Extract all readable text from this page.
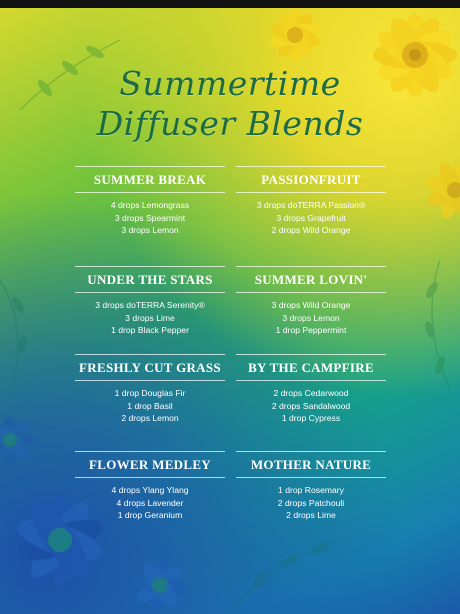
Summertime
Diffuser Blends
SUMMER BREAK
4 drops Lemongrass
3 drops Spearmint
3 drops Lemon
PASSIONFRUIT
3 drops doTERRA Passion®
3 drops Grapefruit
2 drops Wild Orange
UNDER THE STARS
3 drops doTERRA Serenity®
3 drops Lime
1 drop Black Pepper
SUMMER LOVIN'
3 drops Wild Orange
3 drops Lemon
1 drop Peppermint
FRESHLY CUT GRASS
1 drop Douglas Fir
1 drop Basil
2 drops Lemon
BY THE CAMPFIRE
2 drops Cedarwood
2 drops Sandalwood
1 drop Cypress
FLOWER MEDLEY
4 drops Ylang Ylang
4 drops Lavender
1 drop Geranium
MOTHER NATURE
1 drop Rosemary
2 drops Patchouli
2 drops Lime
